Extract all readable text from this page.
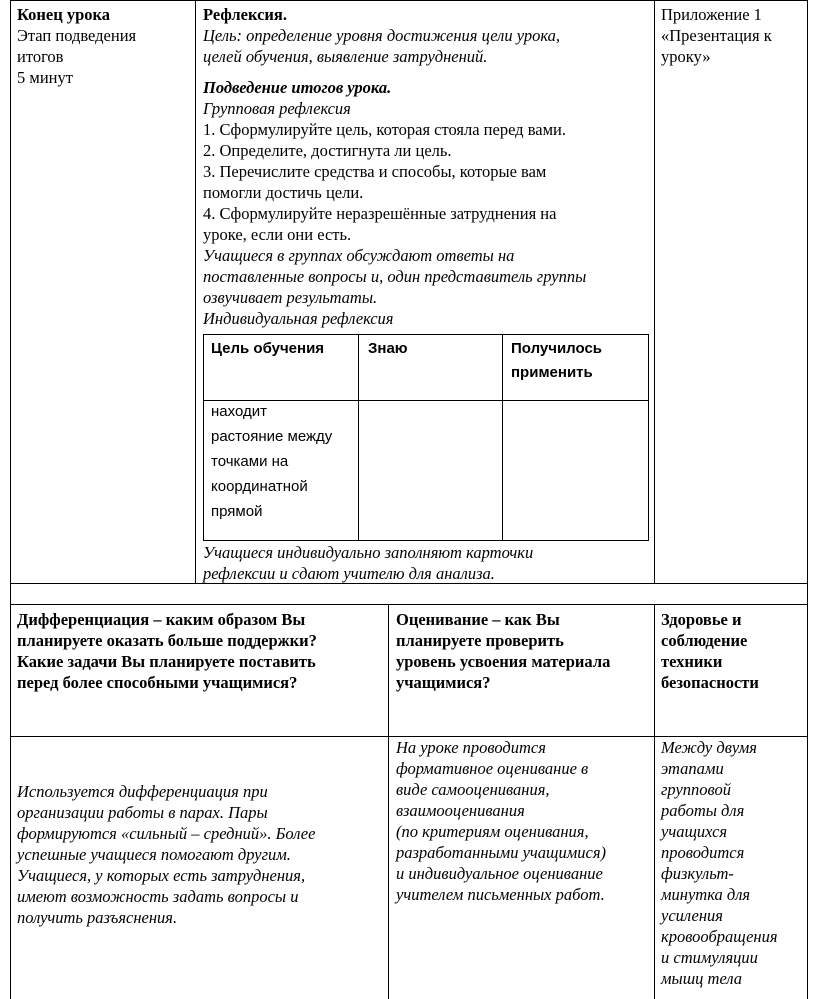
Конец урока
Этап подведения
итогов
5 минут
Рефлексия.
Цель: определение уровня достижения цели урока,
целей обучения, выявление затруднений.
Подведение итогов урока.
Групповая рефлексия
1. Сформулируйте цель, которая стояла перед вами.
2. Определите, достигнута ли цель.
3. Перечислите средства и способы, которые вам
помогли достичь цели.
4. Сформулируйте неразрешённые затруднения на
уроке, если они есть.
Учащиеся в группах обсуждают ответы на
поставленные вопросы и, один представитель группы
озвучивает результаты.
Индивидуальная рефлексия
Цель обучения	Знаю	Получилось
применить
находит
растояние между
точками на
координатной
прямой
Учащиеся индивидуально заполняют карточки
рефлексии и сдают учителю для анализа.
Приложение 1
«Презентация к
уроку»
Дифференциация – каким образом Вы
планируете оказать больше поддержки?
Какие задачи Вы планируете поставить
перед более способными учащимися?
Оценивание – как Вы
планируете проверить
уровень усвоения материала
учащимися?
Здоровье и
соблюдение
техники
безопасности
Используется дифференциация при
организации работы в парах. Пары
формируются «сильный – средний». Более
успешные учащиеся помогают другим.
Учащиеся, у которых есть затруднения,
имеют возможность задать вопросы и
получить разъяснения.
На уроке проводится
формативное оценивание в
виде самооценивания,
взаимооценивания
(по критериям оценивания,
разработанными учащимися)
и индивидуальное оценивание
учителем письменных работ.
Между двумя
этапами
групповой
работы для
учащихся
проводится
физкульт-
минутка для
усиления
кровообращения
и стимуляции
мышц тела
